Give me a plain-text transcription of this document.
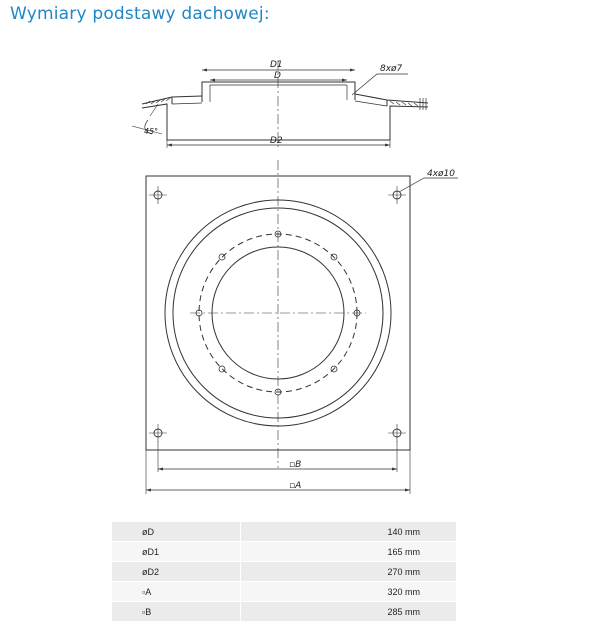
Wymiary podstawy dachowej:
D1
D
D2
8xø7
45°
4xø10
▫B
▫A
øD	140 mm
øD1	165 mm
øD2	270 mm
▫A	320 mm
▫B	285 mm
